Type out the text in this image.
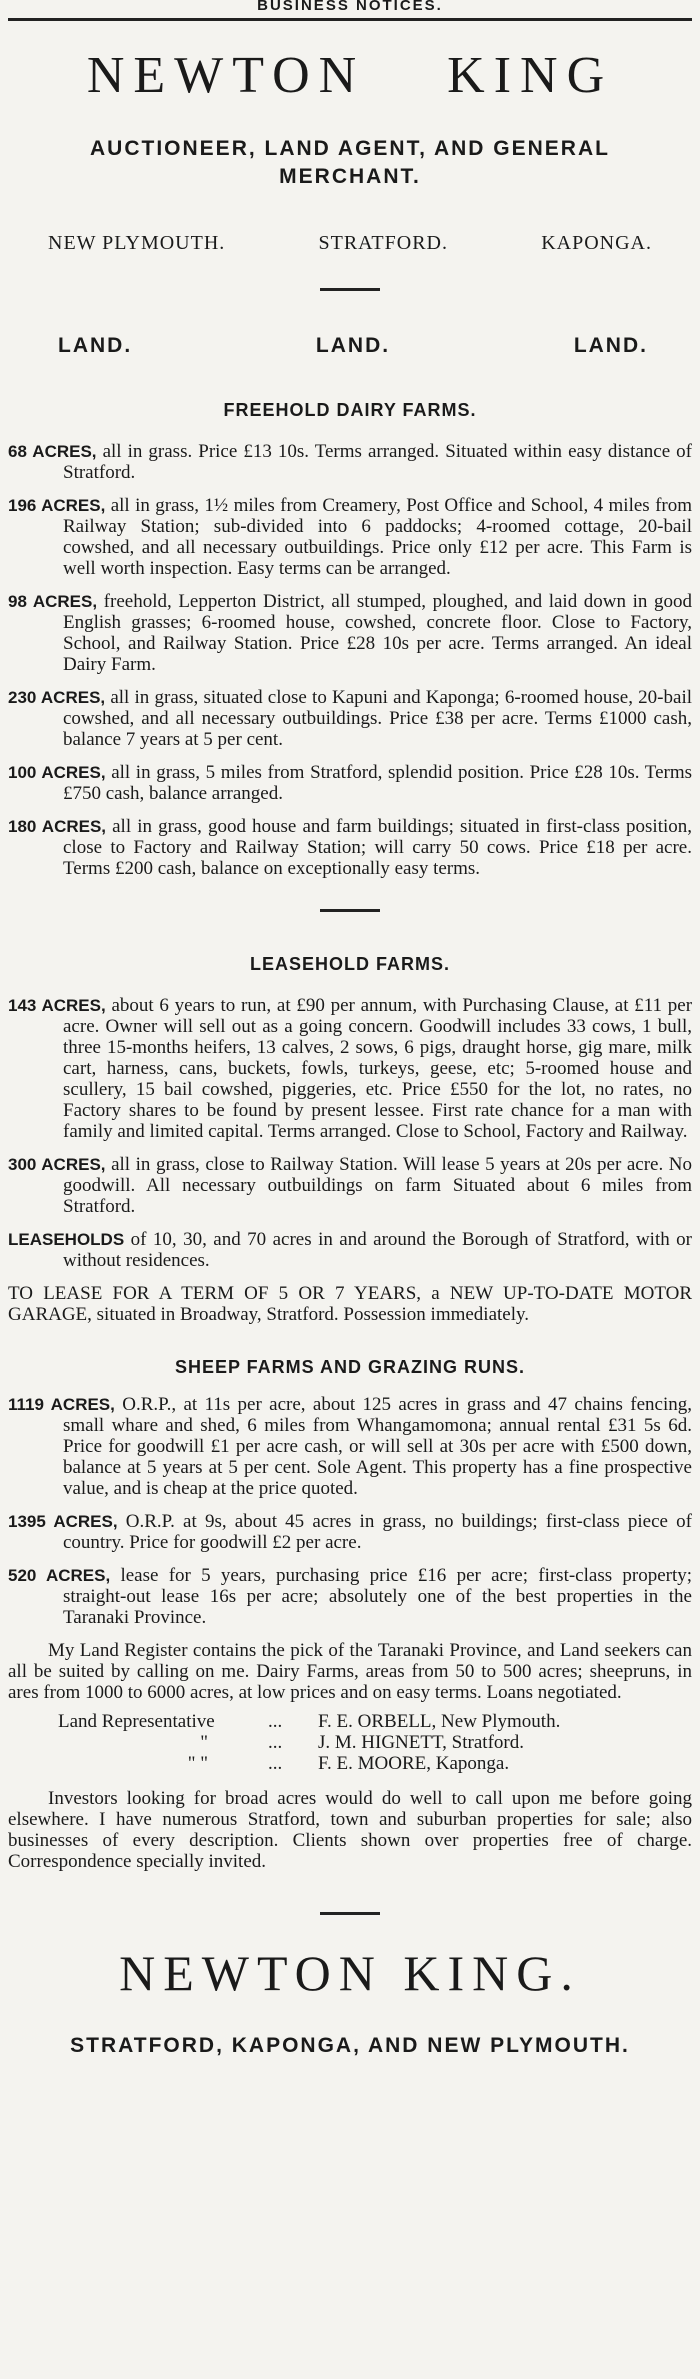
BUSINESS NOTICES.
NEWTON KING
AUCTIONEER, LAND AGENT, AND GENERAL MERCHANT.
NEW PLYMOUTH.	STRATFORD.	KAPONGA.
LAND.	LAND.	LAND.
FREEHOLD DAIRY FARMS.

68 ACRES, all in grass. Price £13 10s. Terms arranged. Situated within easy distance of Stratford.

196 ACRES, all in grass, 1½ miles from Creamery, Post Office and School, 4 miles from Railway Station; sub-divided into 6 paddocks; 4-roomed cottage, 20-bail cowshed, and all necessary outbuildings. Price only £12 per acre. This Farm is well worth inspection. Easy terms can be arranged.

98 ACRES, freehold, Lepperton District, all stumped, ploughed, and laid down in good English grasses; 6-roomed house, cowshed, concrete floor. Close to Factory, School, and Railway Station. Price £28 10s per acre. Terms arranged. An ideal Dairy Farm.

230 ACRES, all in grass, situated close to Kapuni and Kaponga; 6-roomed house, 20-bail cowshed, and all necessary outbuildings. Price £38 per acre. Terms £1000 cash, balance 7 years at 5 per cent.

100 ACRES, all in grass, 5 miles from Stratford, splendid position. Price £28 10s. Terms £750 cash, balance arranged.

180 ACRES, all in grass, good house and farm buildings; situated in first-class position, close to Factory and Railway Station; will carry 50 cows. Price £18 per acre. Terms £200 cash, balance on exceptionally easy terms.

LEASEHOLD FARMS.

143 ACRES, about 6 years to run, at £90 per annum, with Purchasing Clause, at £11 per acre. Owner will sell out as a going concern. Goodwill includes 33 cows, 1 bull, three 15-months heifers, 13 calves, 2 sows, 6 pigs, draught horse, gig mare, milk cart, harness, cans, buckets, fowls, turkeys, geese, etc; 5-roomed house and scullery, 15 bail cowshed, piggeries, etc. Price £550 for the lot, no rates, no Factory shares to be found by present lessee. First rate chance for a man with family and limited capital. Terms arranged. Close to School, Factory and Railway.

300 ACRES, all in grass, close to Railway Station. Will lease 5 years at 20s per acre. No goodwill. All necessary outbuildings on farm Situated about 6 miles from Stratford.

LEASEHOLDS of 10, 30, and 70 acres in and around the Borough of Stratford, with or without residences.

TO LEASE FOR A TERM OF 5 OR 7 YEARS, a NEW UP-TO-DATE MOTOR GARAGE, situated in Broadway, Stratford. Possession immediately.

SHEEP FARMS AND GRAZING RUNS.

1119 ACRES, O.R.P., at 11s per acre, about 125 acres in grass and 47 chains fencing, small whare and shed, 6 miles from Whangamomona; annual rental £31 5s 6d. Price for goodwill £1 per acre cash, or will sell at 30s per acre with £500 down, balance at 5 years at 5 per cent. Sole Agent. This property has a fine prospective value, and is cheap at the price quoted.

1395 ACRES, O.R.P. at 9s, about 45 acres in grass, no buildings; first-class piece of country. Price for goodwill £2 per acre.

520 ACRES, lease for 5 years, purchasing price £16 per acre; first-class property; straight-out lease 16s per acre; absolutely one of the best properties in the Taranaki Province.

My Land Register contains the pick of the Taranaki Province, and Land seekers can all be suited by calling on me. Dairy Farms, areas from 50 to 500 acres; sheepruns, in ares from 1000 to 6000 acres, at low prices and on easy terms. Loans negotiated.

Land Representative	...	F. E. ORBELL, New Plymouth.
"	...	J. M. HIGNETT, Stratford.
" "	...	F. E. MOORE, Kaponga.

Investors looking for broad acres would do well to call upon me before going elsewhere. I have numerous Stratford, town and suburban properties for sale; also businesses of every description. Clients shown over properties free of charge. Correspondence specially invited.

NEWTON KING.
STRATFORD, KAPONGA, AND NEW PLYMOUTH.
